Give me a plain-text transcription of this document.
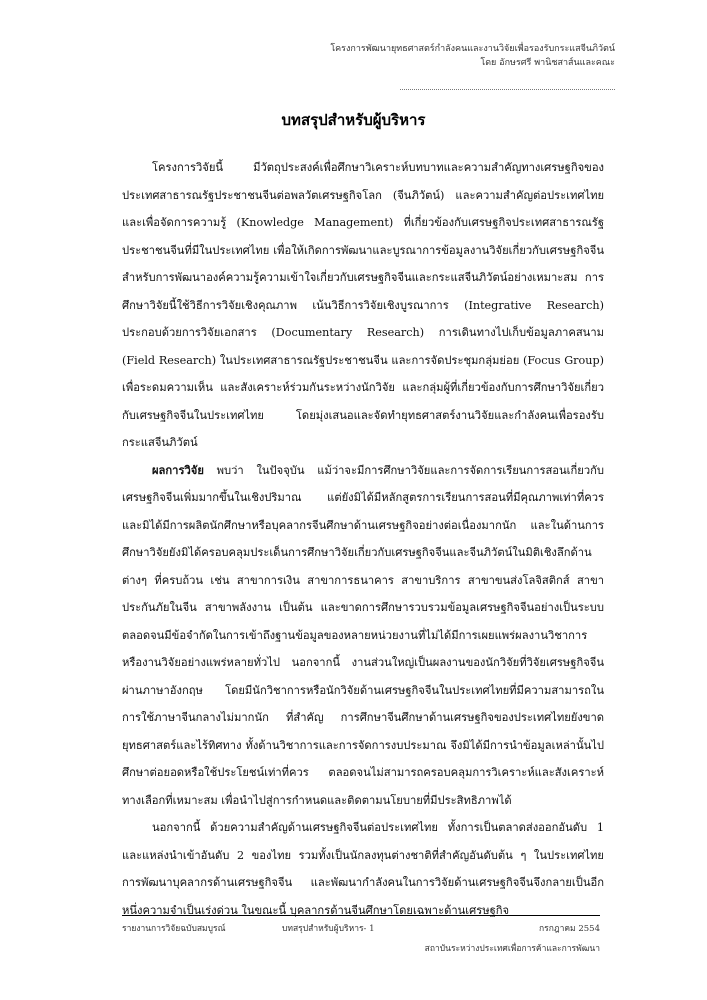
โครงการพัฒนายุทธศาสตร์กำลังคนและงานวิจัยเพื่อรองรับกระแสจีนภิวัตน์
โดย อักษรศรี พานิชสาส์นและคณะ
บทสรุปสำหรับผู้บริหาร

โครงการวิจัยนี้ มีวัตถุประสงค์เพื่อศึกษาวิเคราะห์บทบาทและความสำคัญทางเศรษฐกิจของประเทศสาธารณรัฐประชาชนจีนต่อพลวัตเศรษฐกิจโลก (จีนภิวัตน์) และความสำคัญต่อประเทศไทย และเพื่อจัดการความรู้ (Knowledge Management) ที่เกี่ยวข้องกับเศรษฐกิจประเทศสาธารณรัฐประชาชนจีนที่มีในประเทศไทย เพื่อให้เกิดการพัฒนาและบูรณาการข้อมูลงานวิจัยเกี่ยวกับเศรษฐกิจจีนสำหรับการพัฒนาองค์ความรู้ความเข้าใจเกี่ยวกับเศรษฐกิจจีนและกระแสจีนภิวัตน์อย่างเหมาะสม การศึกษาวิจัยนี้ใช้วิธีการวิจัยเชิงคุณภาพ เน้นวิธีการวิจัยเชิงบูรณาการ (Integrative Research) ประกอบด้วยการวิจัยเอกสาร (Documentary Research) การเดินทางไปเก็บข้อมูลภาคสนาม (Field Research) ในประเทศสาธารณรัฐประชาชนจีน และการจัดประชุมกลุ่มย่อย (Focus Group) เพื่อระดมความเห็น และสังเคราะห์ร่วมกันระหว่างนักวิจัย และกลุ่มผู้ที่เกี่ยวข้องกับการศึกษาวิจัยเกี่ยวกับเศรษฐกิจจีนในประเทศไทย โดยมุ่งเสนอและจัดทำยุทธศาสตร์งานวิจัยและกำลังคนเพื่อรองรับกระแสจีนภิวัตน์

ผลการวิจัย พบว่า ในปัจจุบัน แม้ว่าจะมีการศึกษาวิจัยและการจัดการเรียนการสอนเกี่ยวกับเศรษฐกิจจีนเพิ่มมากขึ้นในเชิงปริมาณ แต่ยังมิได้มีหลักสูตรการเรียนการสอนที่มีคุณภาพเท่าที่ควร และมิได้มีการผลิตนักศึกษาหรือบุคลากรจีนศึกษาด้านเศรษฐกิจอย่างต่อเนื่องมากนัก และในด้านการศึกษาวิจัยยังมิได้ครอบคลุมประเด็นการศึกษาวิจัยเกี่ยวกับเศรษฐกิจจีนและจีนภิวัตน์ในมิติเชิงลึกด้านต่างๆ ที่ครบถ้วน เช่น สาขาการเงิน สาขาการธนาคาร สาขาบริการ สาขาขนส่งโลจิสติกส์ สาขาประกันภัยในจีน สาขาพลังงาน เป็นต้น และขาดการศึกษารวบรวมข้อมูลเศรษฐกิจจีนอย่างเป็นระบบ ตลอดจนมีข้อจำกัดในการเข้าถึงฐานข้อมูลของหลายหน่วยงานที่ไม่ได้มีการเผยแพร่ผลงานวิชาการหรืองานวิจัยอย่างแพร่หลายทั่วไป นอกจากนี้ งานส่วนใหญ่เป็นผลงานของนักวิจัยที่วิจัยเศรษฐกิจจีนผ่านภาษาอังกฤษ โดยมีนักวิชาการหรือนักวิจัยด้านเศรษฐกิจจีนในประเทศไทยที่มีความสามารถในการใช้ภาษาจีนกลางไม่มากนัก ที่สำคัญ การศึกษาจีนศึกษาด้านเศรษฐกิจของประเทศไทยยังขาดยุทธศาสตร์และไร้ทิศทาง ทั้งด้านวิชาการและการจัดการงบประมาณ จึงมิได้มีการนำข้อมูลเหล่านั้นไปศึกษาต่อยอดหรือใช้ประโยชน์เท่าที่ควร ตลอดจนไม่สามารถครอบคลุมการวิเคราะห์และสังเคราะห์ทางเลือกที่เหมาะสม เพื่อนำไปสู่การกำหนดและติดตามนโยบายที่มีประสิทธิภาพได้

นอกจากนี้ ด้วยความสำคัญด้านเศรษฐกิจจีนต่อประเทศไทย ทั้งการเป็นตลาดส่งออกอันดับ 1 และแหล่งนำเข้าอันดับ 2 ของไทย รวมทั้งเป็นนักลงทุนต่างชาติที่สำคัญอันดับต้น ๆ ในประเทศไทย การพัฒนาบุคลากรด้านเศรษฐกิจจีน และพัฒนากำลังคนในการวิจัยด้านเศรษฐกิจจีนจึงกลายเป็นอีกหนึ่งความจำเป็นเร่งด่วน ในขณะนี้ บุคลากรด้านจีนศึกษาโดยเฉพาะด้านเศรษฐกิจ

รายงานการวิจัยฉบับสมบูรณ์	บทสรุปสำหรับผู้บริหาร- 1	กรกฎาคม 2554
สถาบันระหว่างประเทศเพื่อการค้าและการพัฒนา
